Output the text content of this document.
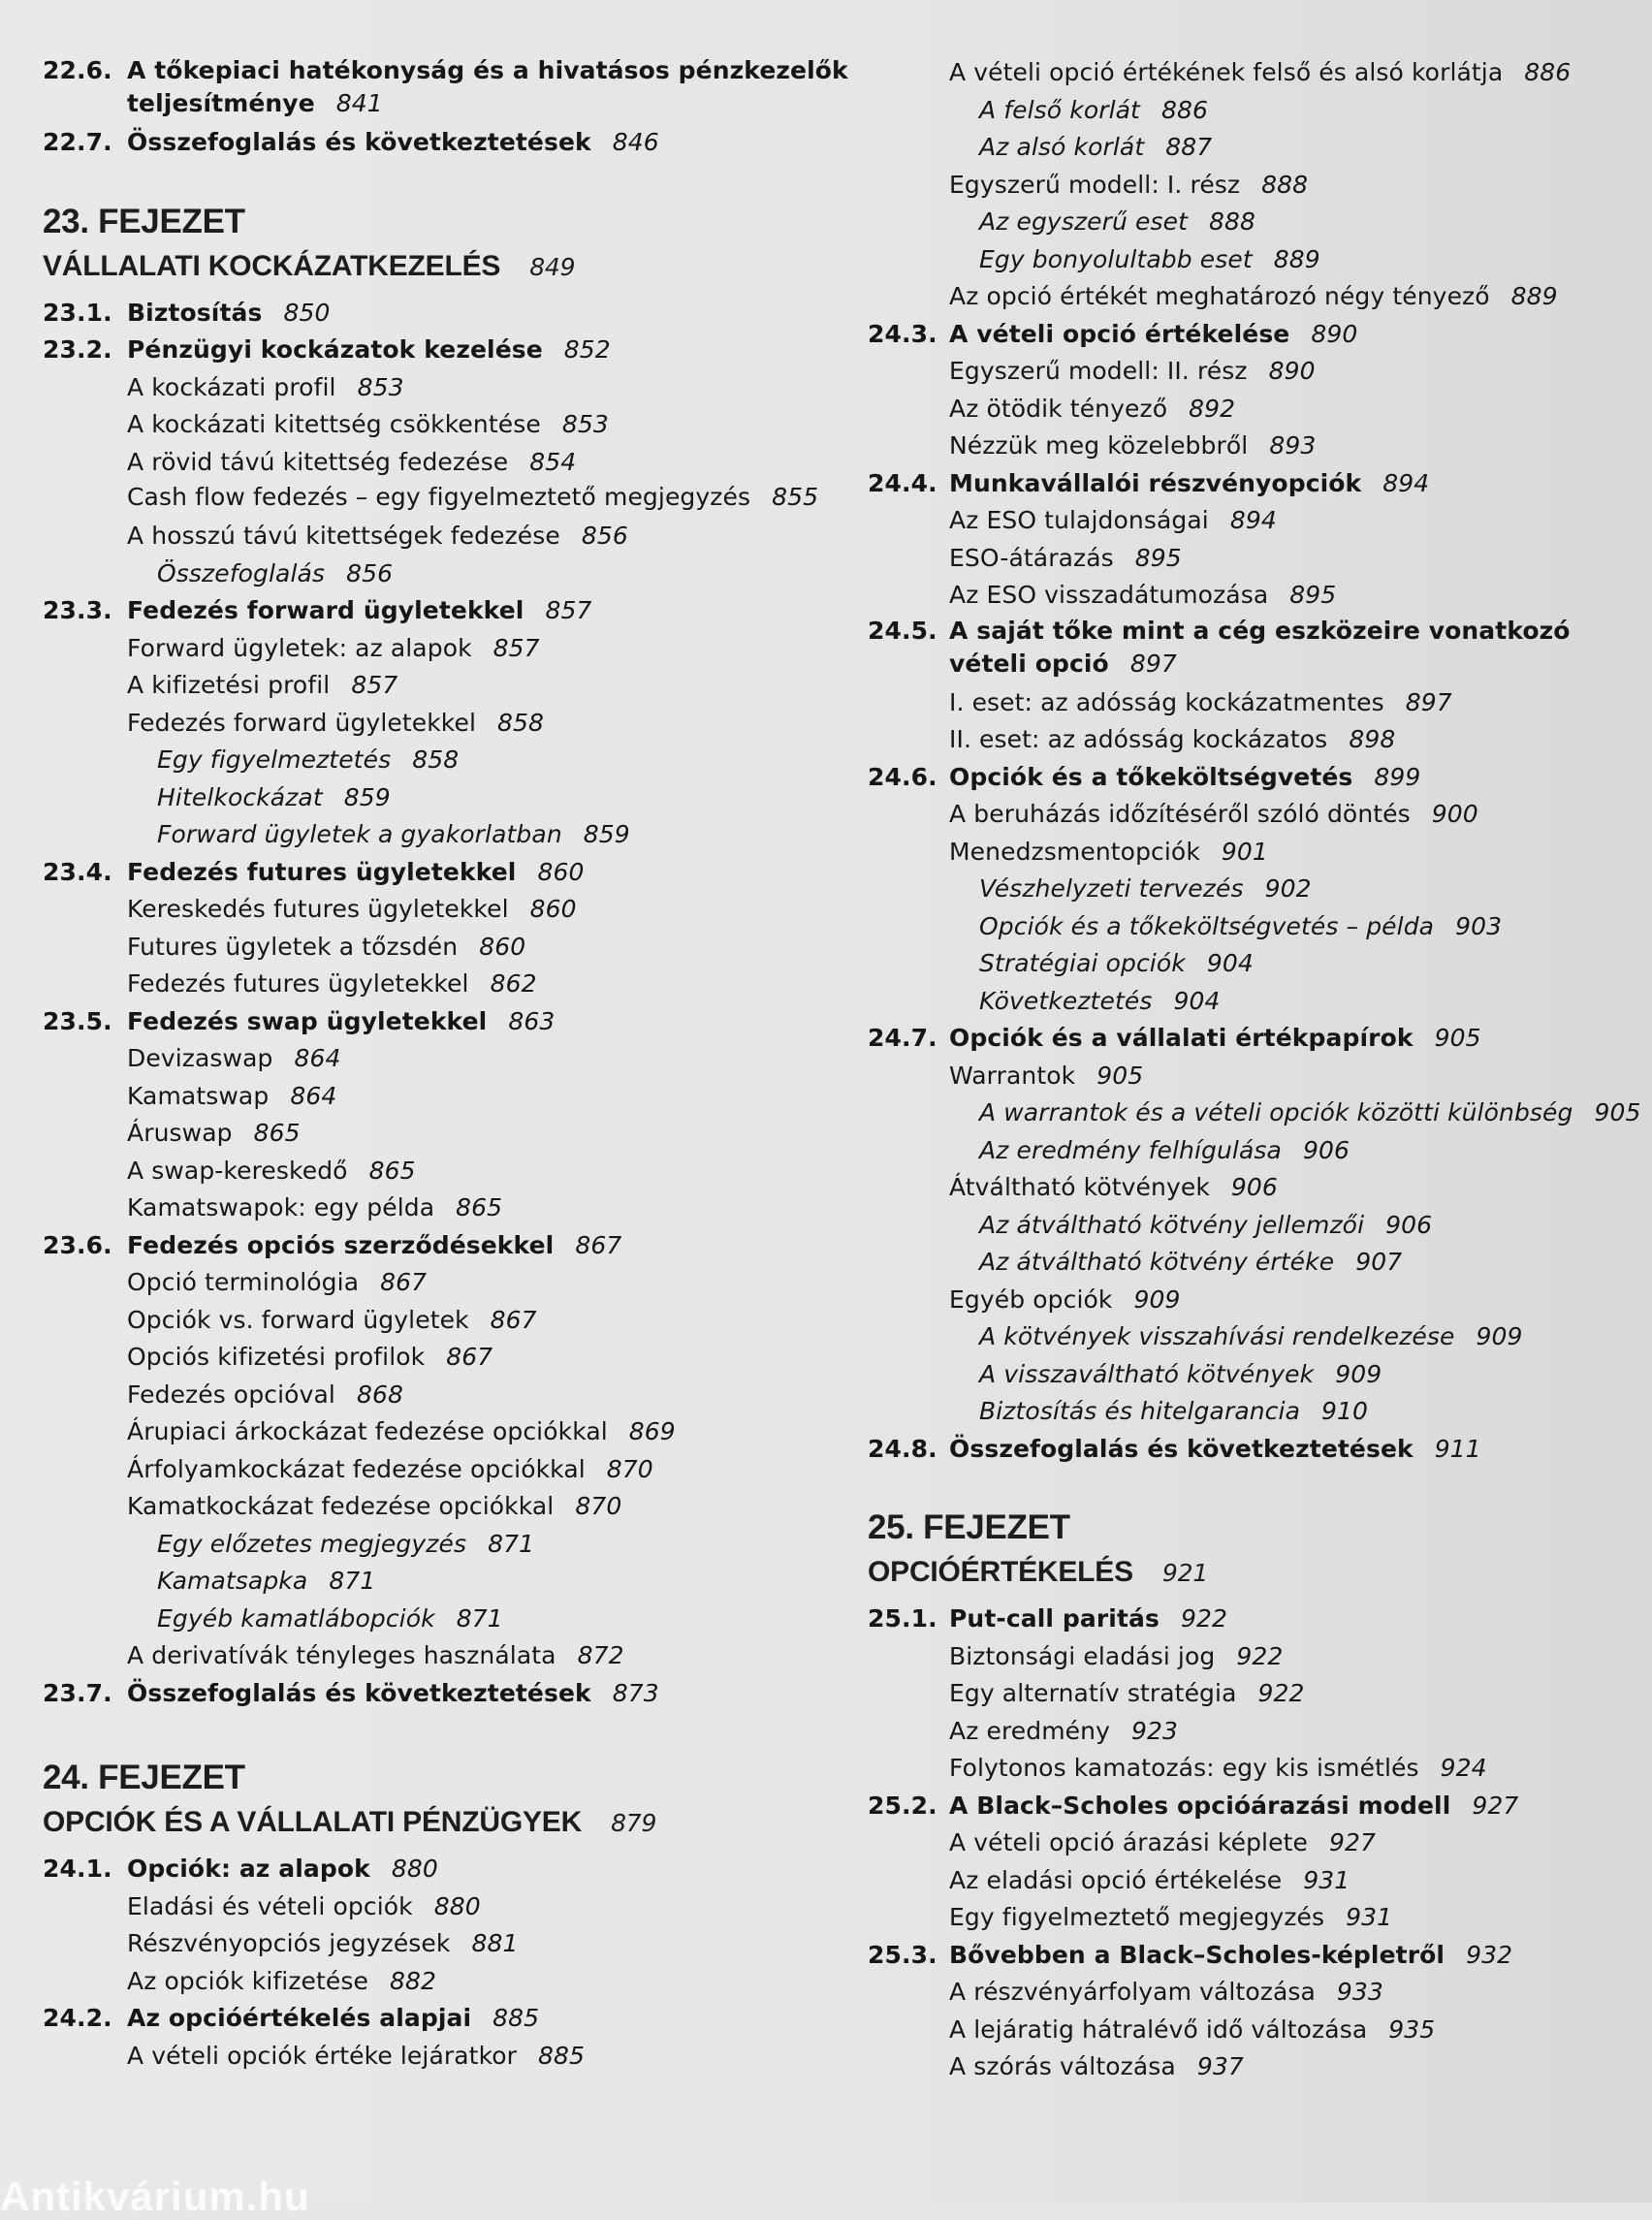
22.6. A tőkepiaci hatékonyság és a hivatásos pénzkezelők teljesítménye 841
22.7. Összefoglalás és következtetések 846
23. FEJEZET
VÁLLALATI KOCKÁZATKEZELÉS 849
23.1. Biztosítás 850
23.2. Pénzügyi kockázatok kezelése 852
A kockázati profil 853
A kockázati kitettség csökkentése 853
A rövid távú kitettség fedezése 854
Cash flow fedezés – egy figyelmeztető megjegyzés 855
A hosszú távú kitettségek fedezése 856
Összefoglalás 856
23.3. Fedezés forward ügyletekkel 857
Forward ügyletek: az alapok 857
A kifizetési profil 857
Fedezés forward ügyletekkel 858
Egy figyelmeztetés 858
Hitelkockázat 859
Forward ügyletek a gyakorlatban 859
23.4. Fedezés futures ügyletekkel 860
Kereskedés futures ügyletekkel 860
Futures ügyletek a tőzsdén 860
Fedezés futures ügyletekkel 862
23.5. Fedezés swap ügyletekkel 863
Devizaswap 864
Kamatswap 864
Áruswap 865
A swap-kereskedő 865
Kamatswapok: egy példa 865
23.6. Fedezés opciós szerződésekkel 867
Opció terminológia 867
Opciók vs. forward ügyletek 867
Opciós kifizetési profilok 867
Fedezés opcióval 868
Árupiaci árkockázat fedezése opciókkal 869
Árfolyamkockázat fedezése opciókkal 870
Kamatkockázat fedezése opciókkal 870
Egy előzetes megjegyzés 871
Kamatsapka 871
Egyéb kamatlábopciók 871
A derivatívák tényleges használata 872
23.7. Összefoglalás és következtetések 873
24. FEJEZET
OPCIÓK ÉS A VÁLLALATI PÉNZÜGYEK 879
24.1. Opciók: az alapok 880
Eladási és vételi opciók 880
Részvényopciós jegyzések 881
Az opciók kifizetése 882
24.2. Az opcióértékelés alapjai 885
A vételi opciók értéke lejáratkor 885
A vételi opció értékének felső és alsó korlátja 886
A felső korlát 886
Az alsó korlát 887
Egyszerű modell: I. rész 888
Az egyszerű eset 888
Egy bonyolultabb eset 889
Az opció értékét meghatározó négy tényező 889
24.3. A vételi opció értékelése 890
Egyszerű modell: II. rész 890
Az ötödik tényező 892
Nézzük meg közelebbről 893
24.4. Munkavállalói részvényopciók 894
Az ESO tulajdonságai 894
ESO-átárazás 895
Az ESO visszadátumozása 895
24.5. A saját tőke mint a cég eszközeire vonatkozó vételi opció 897
I. eset: az adósság kockázatmentes 897
II. eset: az adósság kockázatos 898
24.6. Opciók és a tőkeköltségvetés 899
A beruházás időzítéséről szóló döntés 900
Menedzsmentopciók 901
Vészhelyzeti tervezés 902
Opciók és a tőkeköltségvetés – példa 903
Stratégiai opciók 904
Következtetés 904
24.7. Opciók és a vállalati értékpapírok 905
Warrantok 905
A warrantok és a vételi opciók közötti különbség 905
Az eredmény felhígulása 906
Átváltható kötvények 906
Az átváltható kötvény jellemzői 906
Az átváltható kötvény értéke 907
Egyéb opciók 909
A kötvények visszahívási rendelkezése 909
A visszaváltható kötvények 909
Biztosítás és hitelgarancia 910
24.8. Összefoglalás és következtetések 911
25. FEJEZET
OPCIÓÉRTÉKELÉS 921
25.1. Put-call paritás 922
Biztonsági eladási jog 922
Egy alternatív stratégia 922
Az eredmény 923
Folytonos kamatozás: egy kis ismétlés 924
25.2. A Black–Scholes opcióárazási modell 927
A vételi opció árazási képlete 927
Az eladási opció értékelése 931
Egy figyelmeztető megjegyzés 931
25.3. Bővebben a Black–Scholes-képletről 932
A részvényárfolyam változása 933
A lejáratig hátralévő idő változása 935
A szórás változása 937
Antikvárium.hu
